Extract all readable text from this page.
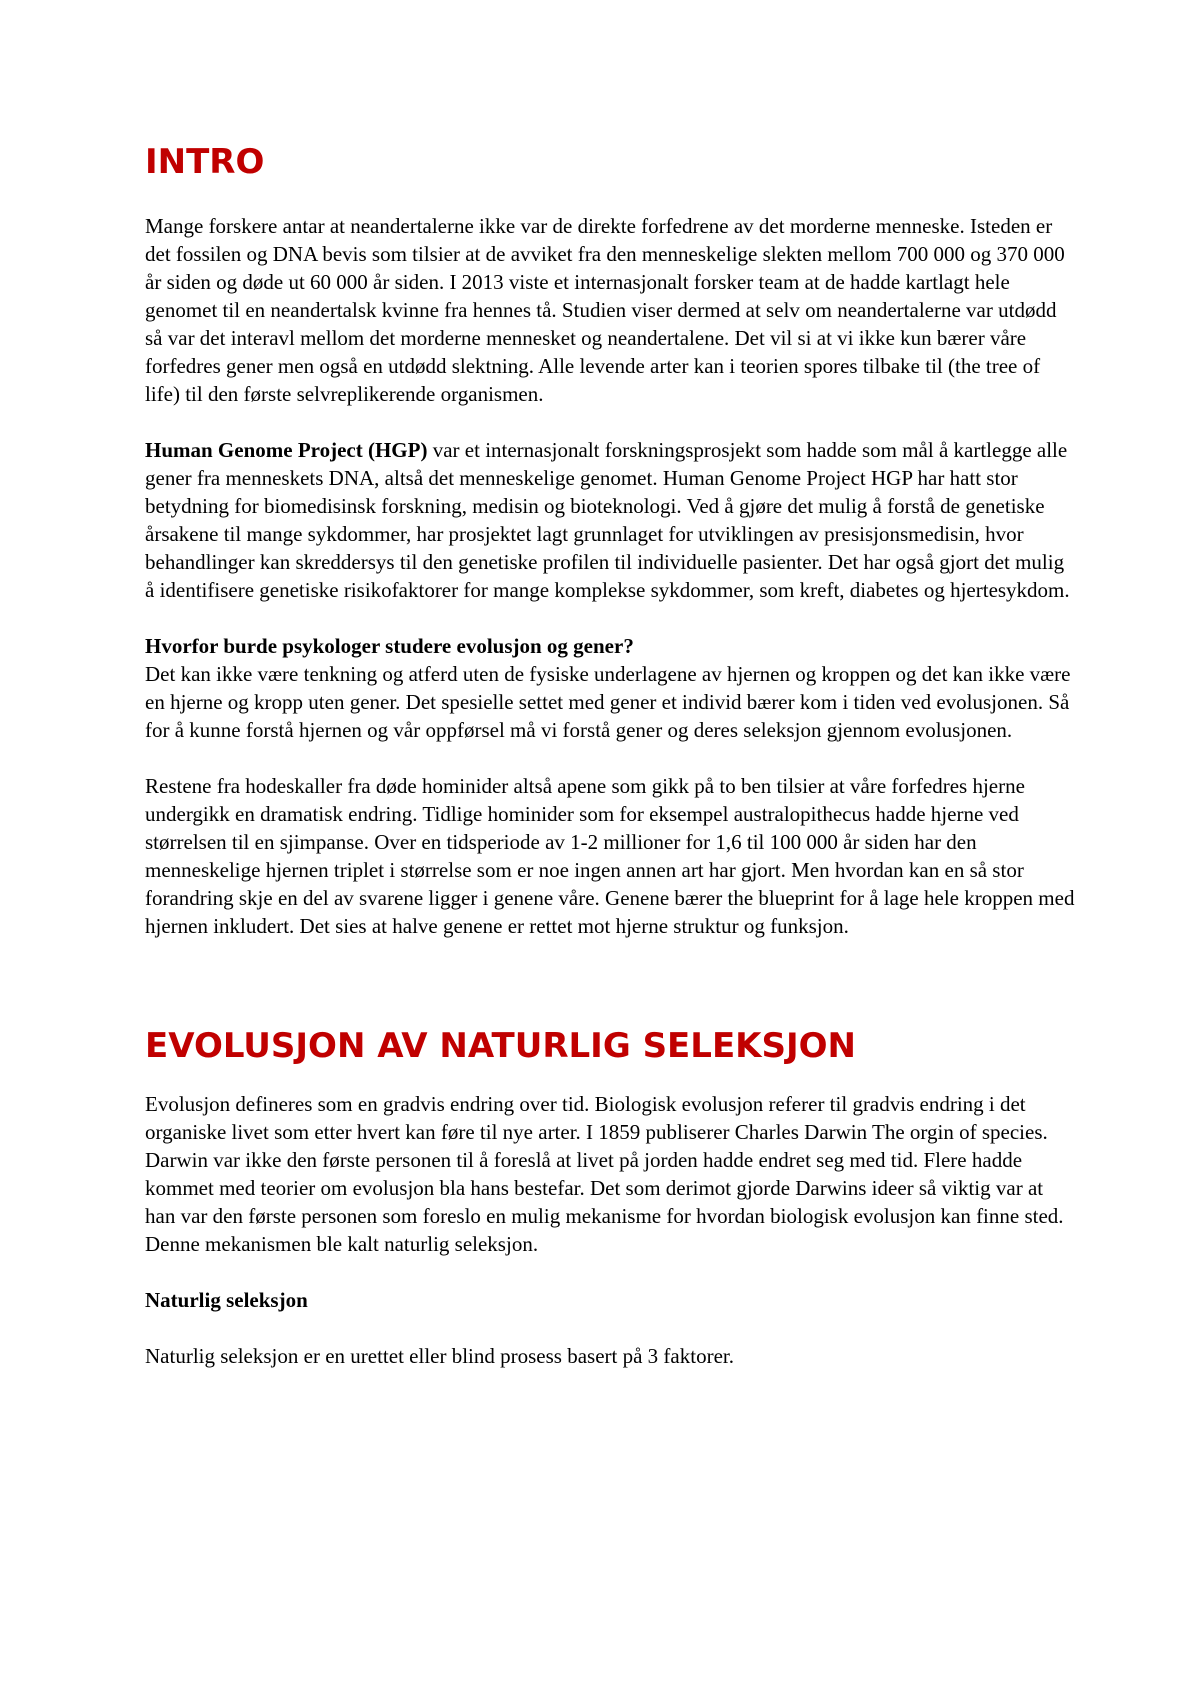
INTRO

Mange forskere antar at neandertalerne ikke var de direkte forfedrene av det morderne menneske. Isteden er det fossilen og DNA bevis som tilsier at de avviket fra den menneskelige slekten mellom 700 000 og 370 000 år siden og døde ut 60 000 år siden. I 2013 viste et internasjonalt forsker team at de hadde kartlagt hele genomet til en neandertalsk kvinne fra hennes tå. Studien viser dermed at selv om neandertalerne var utdødd så var det interavl mellom det morderne mennesket og neandertalene. Det vil si at vi ikke kun bærer våre forfedres gener men også en utdødd slektning. Alle levende arter kan i teorien spores tilbake til (the tree of life) til den første selvreplikerende organismen.

Human Genome Project (HGP) var et internasjonalt forskningsprosjekt som hadde som mål å kartlegge alle gener fra menneskets DNA, altså det menneskelige genomet. Human Genome Project HGP har hatt stor betydning for biomedisinsk forskning, medisin og bioteknologi. Ved å gjøre det mulig å forstå de genetiske årsakene til mange sykdommer, har prosjektet lagt grunnlaget for utviklingen av presisjonsmedisin, hvor behandlinger kan skreddersys til den genetiske profilen til individuelle pasienter. Det har også gjort det mulig å identifisere genetiske risikofaktorer for mange komplekse sykdommer, som kreft, diabetes og hjertesykdom.

Hvorfor burde psykologer studere evolusjon og gener?

Det kan ikke være tenkning og atferd uten de fysiske underlagene av hjernen og kroppen og det kan ikke være en hjerne og kropp uten gener. Det spesielle settet med gener et individ bærer kom i tiden ved evolusjonen. Så for å kunne forstå hjernen og vår oppførsel må vi forstå gener og deres seleksjon gjennom evolusjonen.

Restene fra hodeskaller fra døde hominider altså apene som gikk på to ben tilsier at våre forfedres hjerne undergikk en dramatisk endring. Tidlige hominider som for eksempel australopithecus hadde hjerne ved størrelsen til en sjimpanse. Over en tidsperiode av 1-2 millioner for 1,6 til 100 000 år siden har den menneskelige hjernen triplet i størrelse som er noe ingen annen art har gjort. Men hvordan kan en så stor forandring skje en del av svarene ligger i genene våre. Genene bærer the blueprint for å lage hele kroppen med hjernen inkludert. Det sies at halve genene er rettet mot hjerne struktur og funksjon.

EVOLUSJON AV NATURLIG SELEKSJON

Evolusjon defineres som en gradvis endring over tid. Biologisk evolusjon referer til gradvis endring i det organiske livet som etter hvert kan føre til nye arter. I 1859 publiserer Charles Darwin The orgin of species. Darwin var ikke den første personen til å foreslå at livet på jorden hadde endret seg med tid. Flere hadde kommet med teorier om evolusjon bla hans bestefar. Det som derimot gjorde Darwins ideer så viktig var at han var den første personen som foreslo en mulig mekanisme for hvordan biologisk evolusjon kan finne sted. Denne mekanismen ble kalt naturlig seleksjon.

Naturlig seleksjon

Naturlig seleksjon er en urettet eller blind prosess basert på 3 faktorer.
